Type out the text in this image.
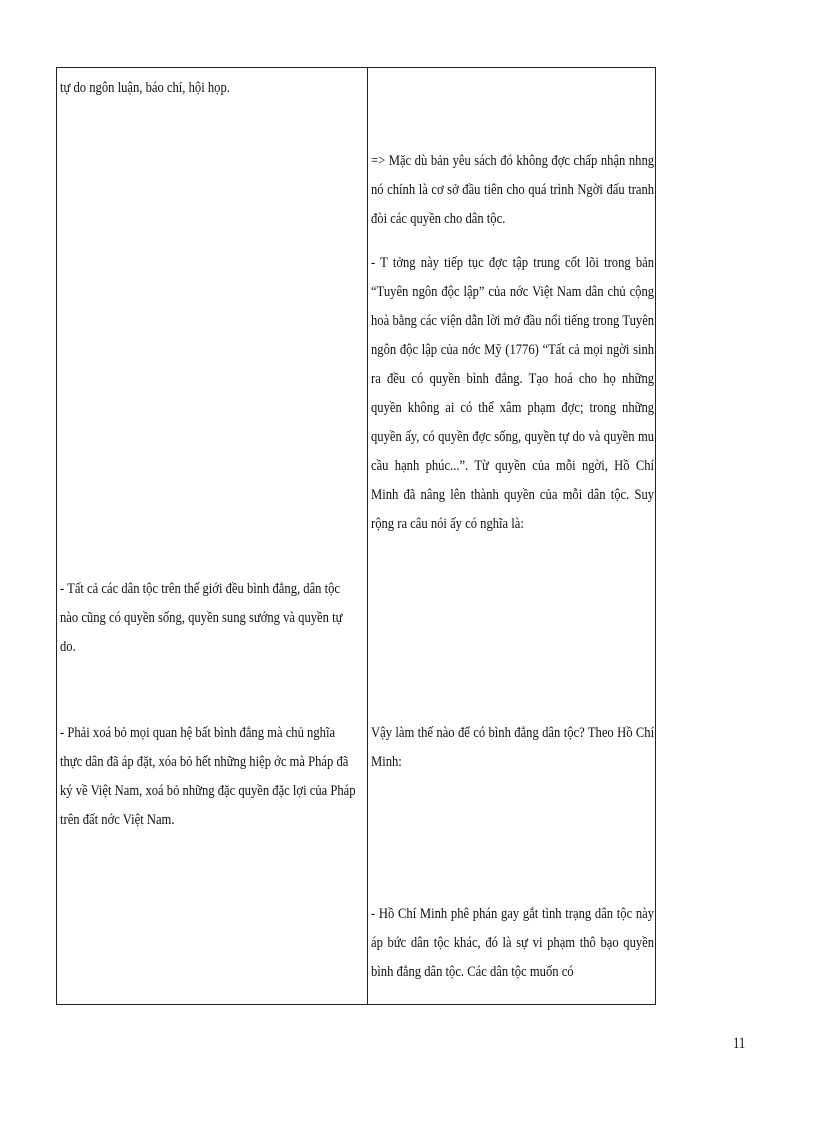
tự do ngôn luận, báo chí, hội họp.

- Tất cả các dân tộc trên thế giới đều bình đẳng, dân tộc nào cũng có quyền sống, quyền sung sướng và quyền tự do.

- Phải xoá bỏ mọi quan hệ bất bình đẳng mà chủ nghĩa thực dân đã áp đặt, xóa bỏ hết những hiệp ớc mà Pháp đã ký về Việt Nam, xoá bỏ những đặc quyền đặc lợi của Pháp trên đất nớc Việt Nam.

=> Mặc dù bản yêu sách đó không đợc chấp nhận nhng nó chính là cơ sở đầu tiên cho quá trình Ngời đấu tranh đòi các quyền cho dân tộc.

- T tởng này tiếp tục đợc tập trung cốt lõi trong bản “Tuyên ngôn độc lập” của nớc Việt Nam dân chủ cộng hoà bằng các viện dẫn lời mở đầu nổi tiếng trong Tuyên ngôn độc lập của nớc Mỹ (1776) “Tất cả mọi ngời sinh ra đều có quyền bình đẳng. Tạo hoá cho họ những quyền không ai có thể xâm phạm đợc; trong những quyền ấy, có quyền đợc sống, quyền tự do và quyền mu cầu hạnh phúc...”. Từ quyền của mỗi ngời, Hồ Chí Minh đã nâng lên thành quyền của mỗi dân tộc. Suy rộng ra câu nói ấy có nghĩa là:

Vậy làm thế nào để có bình đẳng dân tộc? Theo Hồ Chí Minh:

- Hồ Chí Minh phê phán gay gắt tình trạng dân tộc này áp bức dân tộc khác, đó là sự vi phạm thô bạo quyền bình đẳng dân tộc. Các dân tộc muốn có

11
